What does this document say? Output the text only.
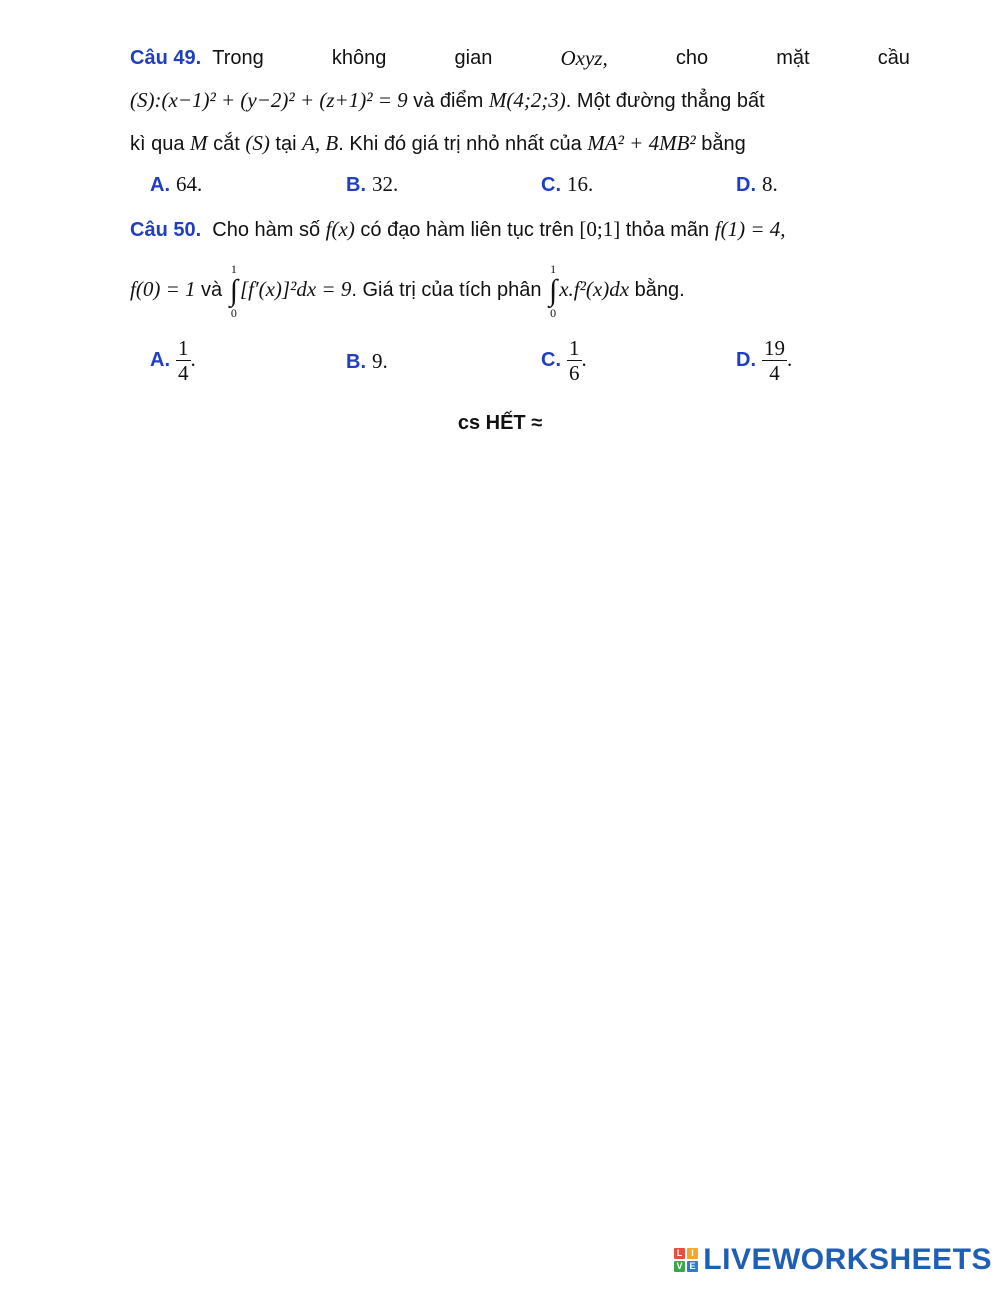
Câu 49. Trong	không	gian	Oxyz,	cho	mặt	cầu
(S):(x−1)² + (y−2)² + (z+1)² = 9 và điểm M(4;2;3). Một đường thẳng bất
kì qua M cắt (S) tại A, B. Khi đó giá trị nhỏ nhất của MA² + 4MB² bằng
A. 64.	B. 32.	C. 16.	D. 8.
Câu 50. Cho hàm số f(x) có đạo hàm liên tục trên [0;1] thỏa mãn f(1) = 4,
f(0) = 1 và
1
∫
0
[f′(x)]²dx = 9. Giá trị của tích phân
1
∫
0
x.f²(x)dx bằng.
A. $\frac{1}{4}$ .	B. 9.	C. $\frac{1}{6}$ .	D. $\frac{19}{4}$ .
cs HẾT ≈
L I
V E LIVEWORKSHEETS
